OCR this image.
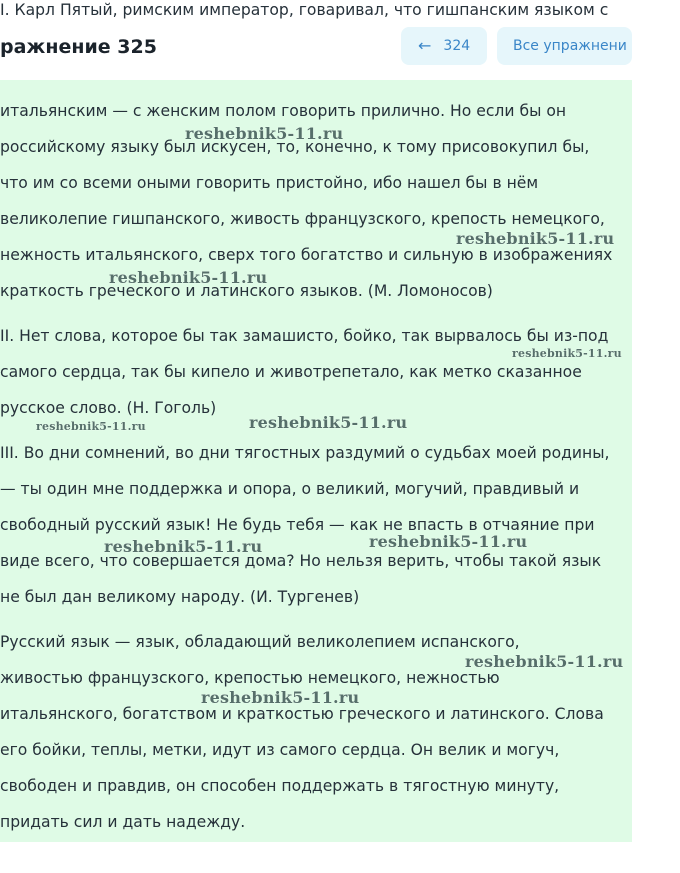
итальянским — с женским полом говорить прилично. Но если бы он
российскому языку был искусен, то, конечно, к тому присовокупил бы,
что им со всеми оными говорить пристойно, ибо нашел бы в нём
великолепие гишпанского, живость французского, крепость немецкого,
нежность итальянского, сверх того богатство и сильную в изображениях
краткость греческого и латинского языков. (М. Ломоносов)
II. Нет слова, которое бы так замашисто, бойко, так вырвалось бы из-под
самого сердца, так бы кипело и животрепетало, как метко сказанное
русское слово. (Н. Гоголь)
III. Во дни сомнений, во дни тягостных раздумий о судьбах моей родины,
— ты один мне поддержка и опора, о великий, могучий, правдивый и
свободный русский язык! Не будь тебя — как не впасть в отчаяние при
виде всего, что совершается дома? Но нельзя верить, чтобы такой язык
не был дан великому народу. (И. Тургенев)
Русский язык — язык, обладающий великолепием испанского,
живостью французского, крепостью немецкого, нежностью
итальянского, богатством и краткостью греческого и латинского. Слова
его бойки, теплы, метки, идут из самого сердца. Он велик и могуч,
свободен и правдив, он способен поддержать в тягостную минуту,
придать сил и дать надежду.
reshebnik5-11.ru
reshebnik5-11.ru
reshebnik5-11.ru
reshebnik5-11.ru
reshebnik5-11.ru	reshebnik5-11.ru
reshebnik5-11.ru	reshebnik5-11.ru
reshebnik5-11.ru
reshebnik5-11.ru
I. Карл Пятый, римским император, говаривал, что гишпанским языком с
ражнение 325	← 324	Все упражнени
